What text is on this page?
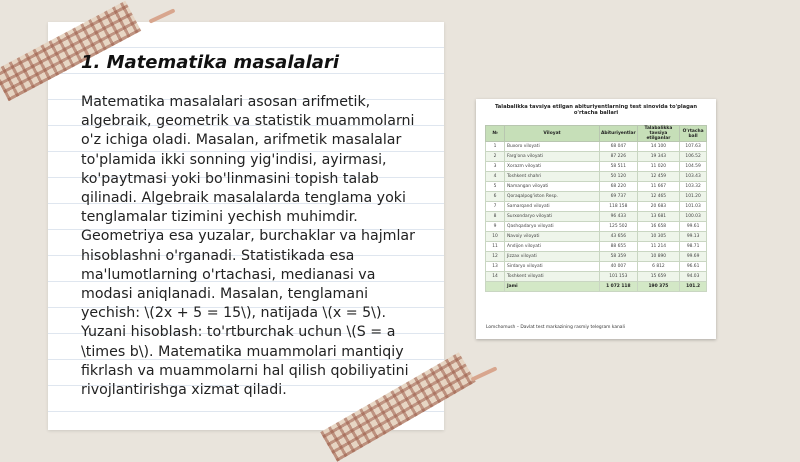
1. Matematika masalalari

Matematika masalalari asosan arifmetik, algebraik, geometrik va statistik muammolarni o'z ichiga oladi. Masalan, arifmetik masalalar to'plamida ikki sonning yig'indisi, ayirmasi, ko'paytmasi yoki bo'linmasini topish talab qilinadi. Algebraik masalalarda tenglama yoki tenglamalar tizimini yechish muhimdir. Geometriya esa yuzalar, burchaklar va hajmlar hisoblashni o'rganadi. Statistikada esa ma'lumotlarning o'rtachasi, medianasi va modasi aniqlanadi. Masalan, tenglamani yechish: \(2x + 5 = 15\), natijada \(x = 5\). Yuzani hisoblash: to'rtburchak uchun \(S = a \times b\). Matematika muammolari mantiqiy fikrlash va muammolarni hal qilish qobiliyatini rivojlantirishga xizmat qiladi.

Talabalikka tavsiya etilgan abituriyentlarning test sinovida to'plagan o'rtacha ballari

№	Viloyat	Abituriyentlar	Talabalikka tavsiya etilganlar	O'rtacha ball
1	Buxoro viloyati	68 047	14 100	107.63
2	Farg'ona viloyati	87 226	19 343	106.52
3	Xorazm viloyati	58 511	11 020	104.59
4	Toshkent shahri	50 120	12 459	103.43
5	Namangan viloyati	68 220	11 667	103.32
6	Qoraqalpog'iston Resp.	69 737	12 465	101.20
7	Samarqand viloyati	118 158	20 683	101.03
8	Surxondaryo viloyati	96 433	13 681	100.03
9	Qashqadaryo viloyati	125 502	16 658	99.61
10	Navoiy viloyati	43 656	10 305	99.13
11	Andijon viloyati	88 655	11 214	98.71
12	Jizzax viloyati	58 359	10 890	99.69
13	Sirdaryo viloyati	40 007	6 812	96.61
14	Toshkent viloyati	101 153	15 659	94.03
	Jami	1 072 118	190 375	101.2

Lomchomush – Davlat test markazining rasmiy telegram kanali
